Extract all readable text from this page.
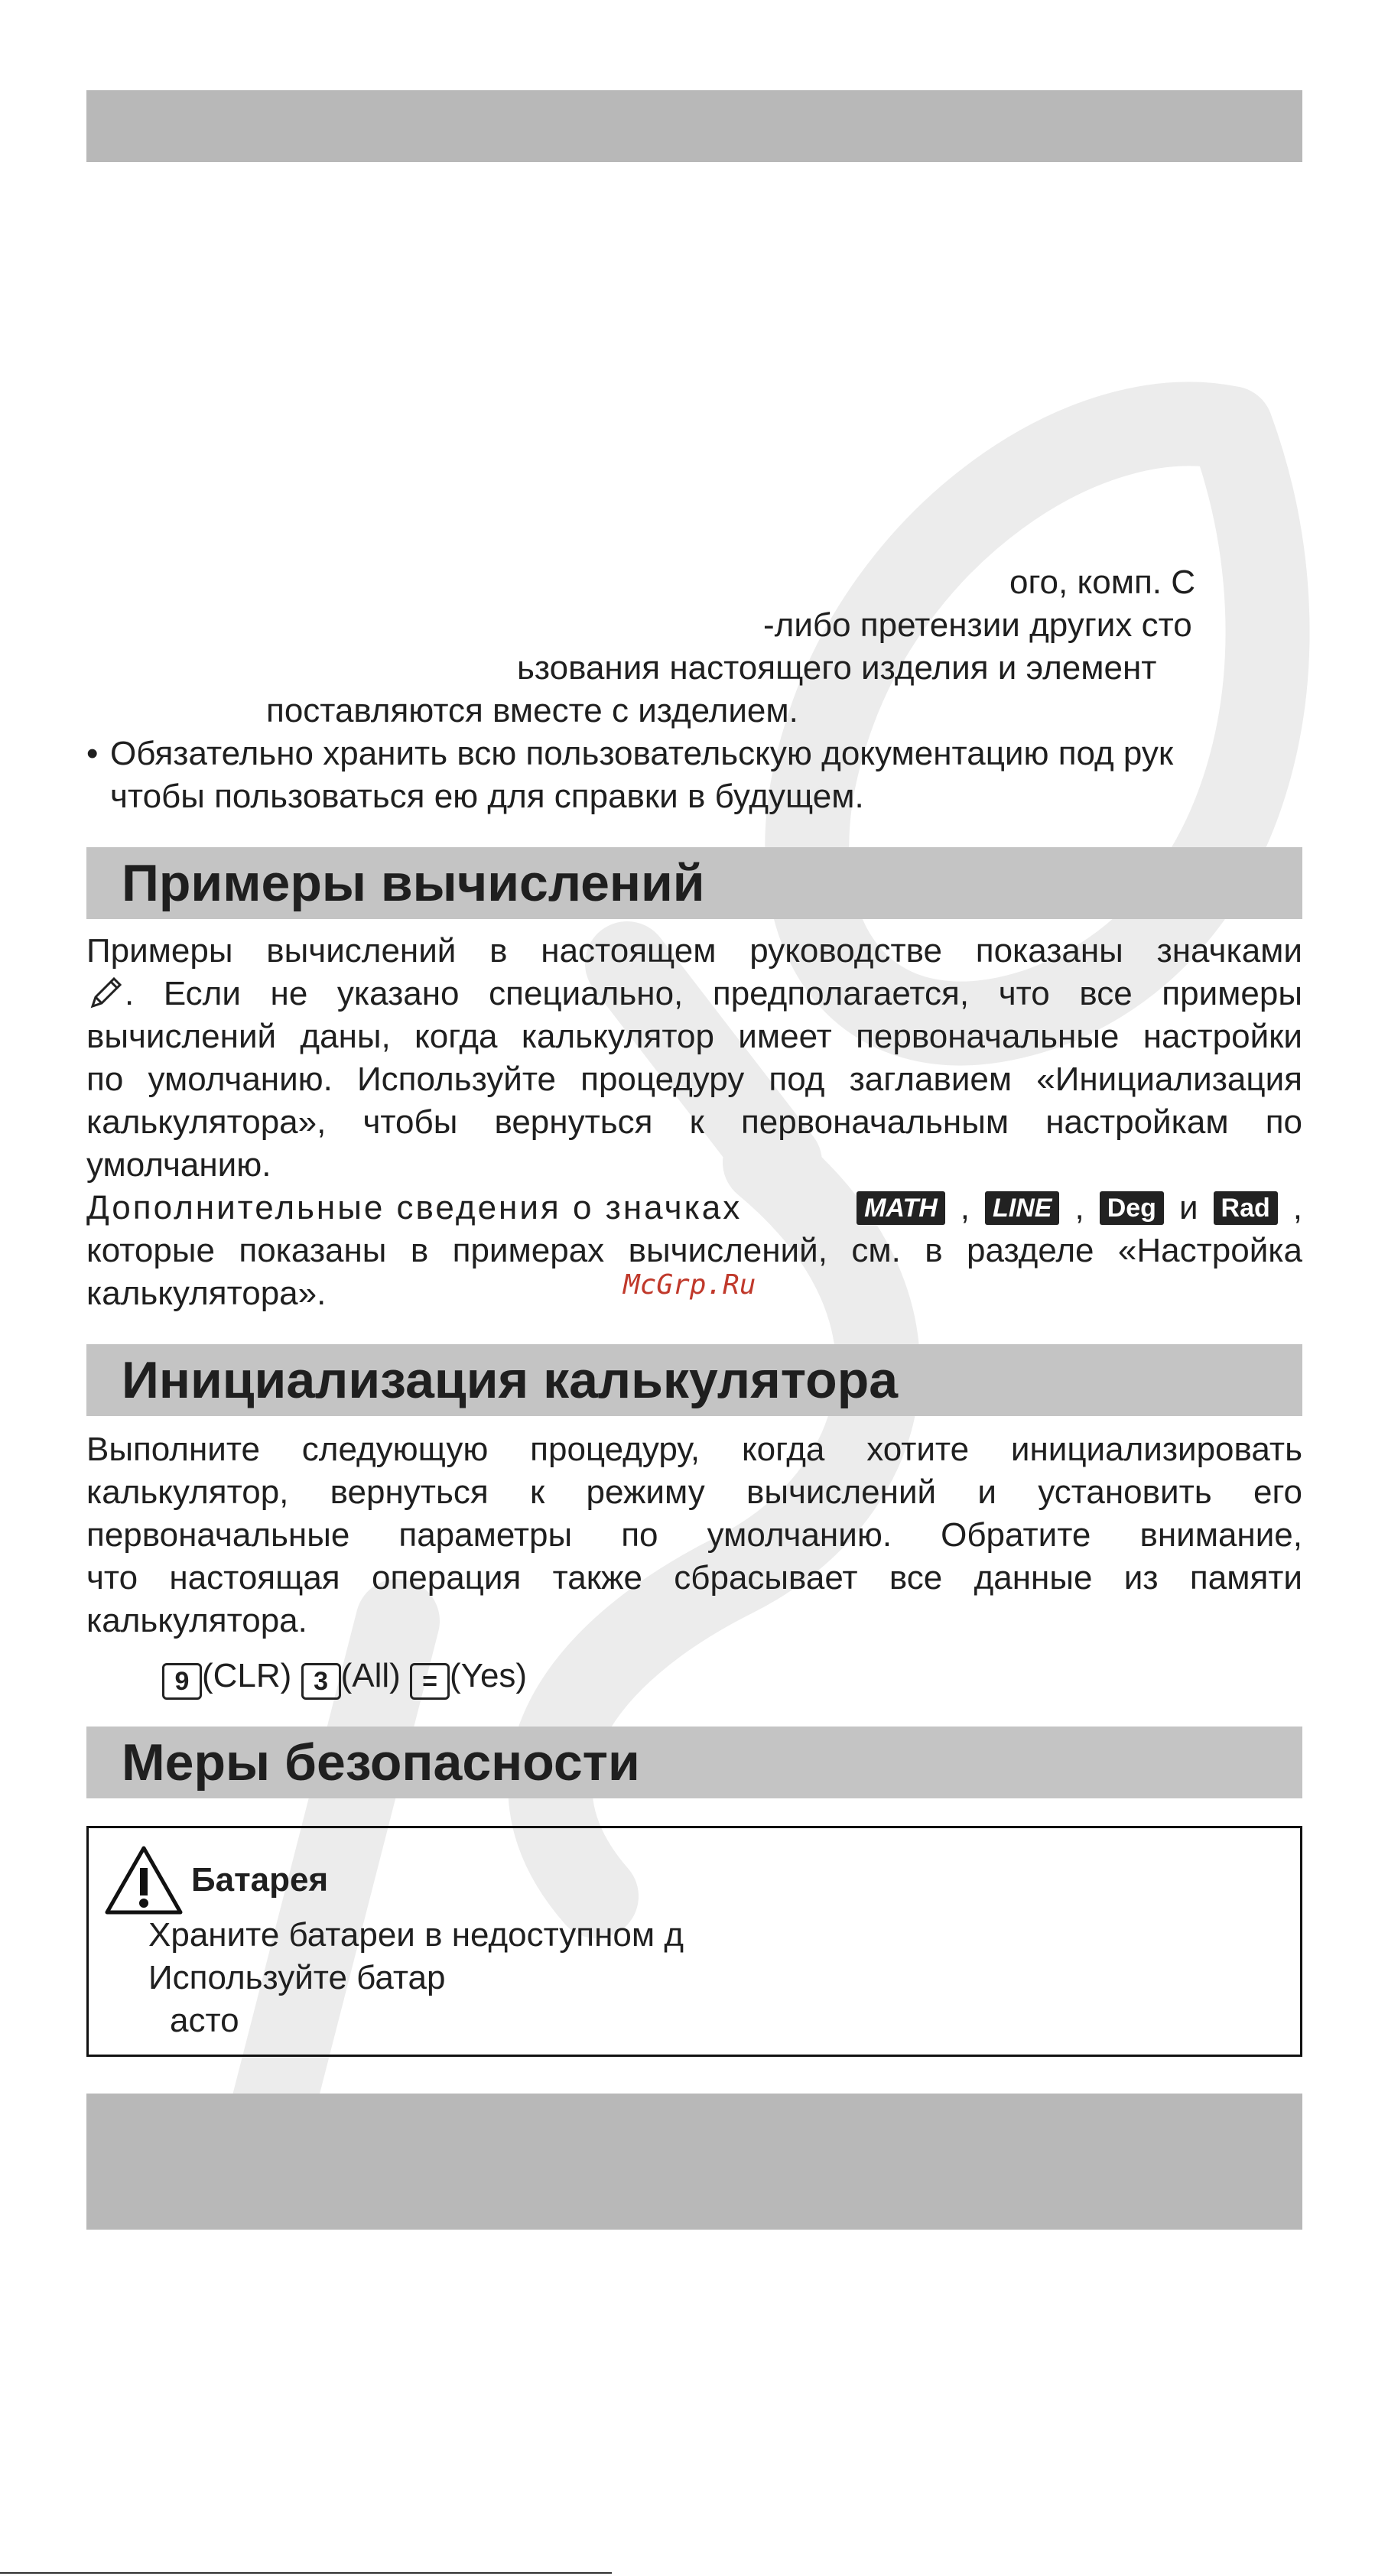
ого, комп. С
-либо претензии других сто
ьзования настоящего изделия и элемент
поставляются вместе с изделием.
• Обязательно хранить всю пользовательскую документацию под рук
чтобы пользоваться ею для справки в будущем.
Примеры вычислений
Примеры вычислений в настоящем руководстве показаны значками
. Если не указано специально, предполагается, что все примеры
вычислений даны, когда калькулятор имеет первоначальные настройки
по умолчанию. Используйте процедуру под заглавием «Инициализация
калькулятора», чтобы вернуться к первоначальным настройкам по
умолчанию.
Дополнительные сведения о значках	MATH , LINE , Deg и Rad ,
которые показаны в примерах вычислений, см. в разделе «Настройка
калькулятора».	McGrp.Ru
Инициализация калькулятора
Выполните следующую процедуру, когда хотите инициализировать
калькулятор, вернуться к режиму вычислений и установить его
первоначальные параметры по умолчанию. Обратите внимание,
что настоящая операция также сбрасывает все данные из памяти
калькулятора.
9 (CLR) 3 (All) = (Yes)
Меры безопасности
Батарея
Храните батареи в недоступном д
Используйте батар
асто
